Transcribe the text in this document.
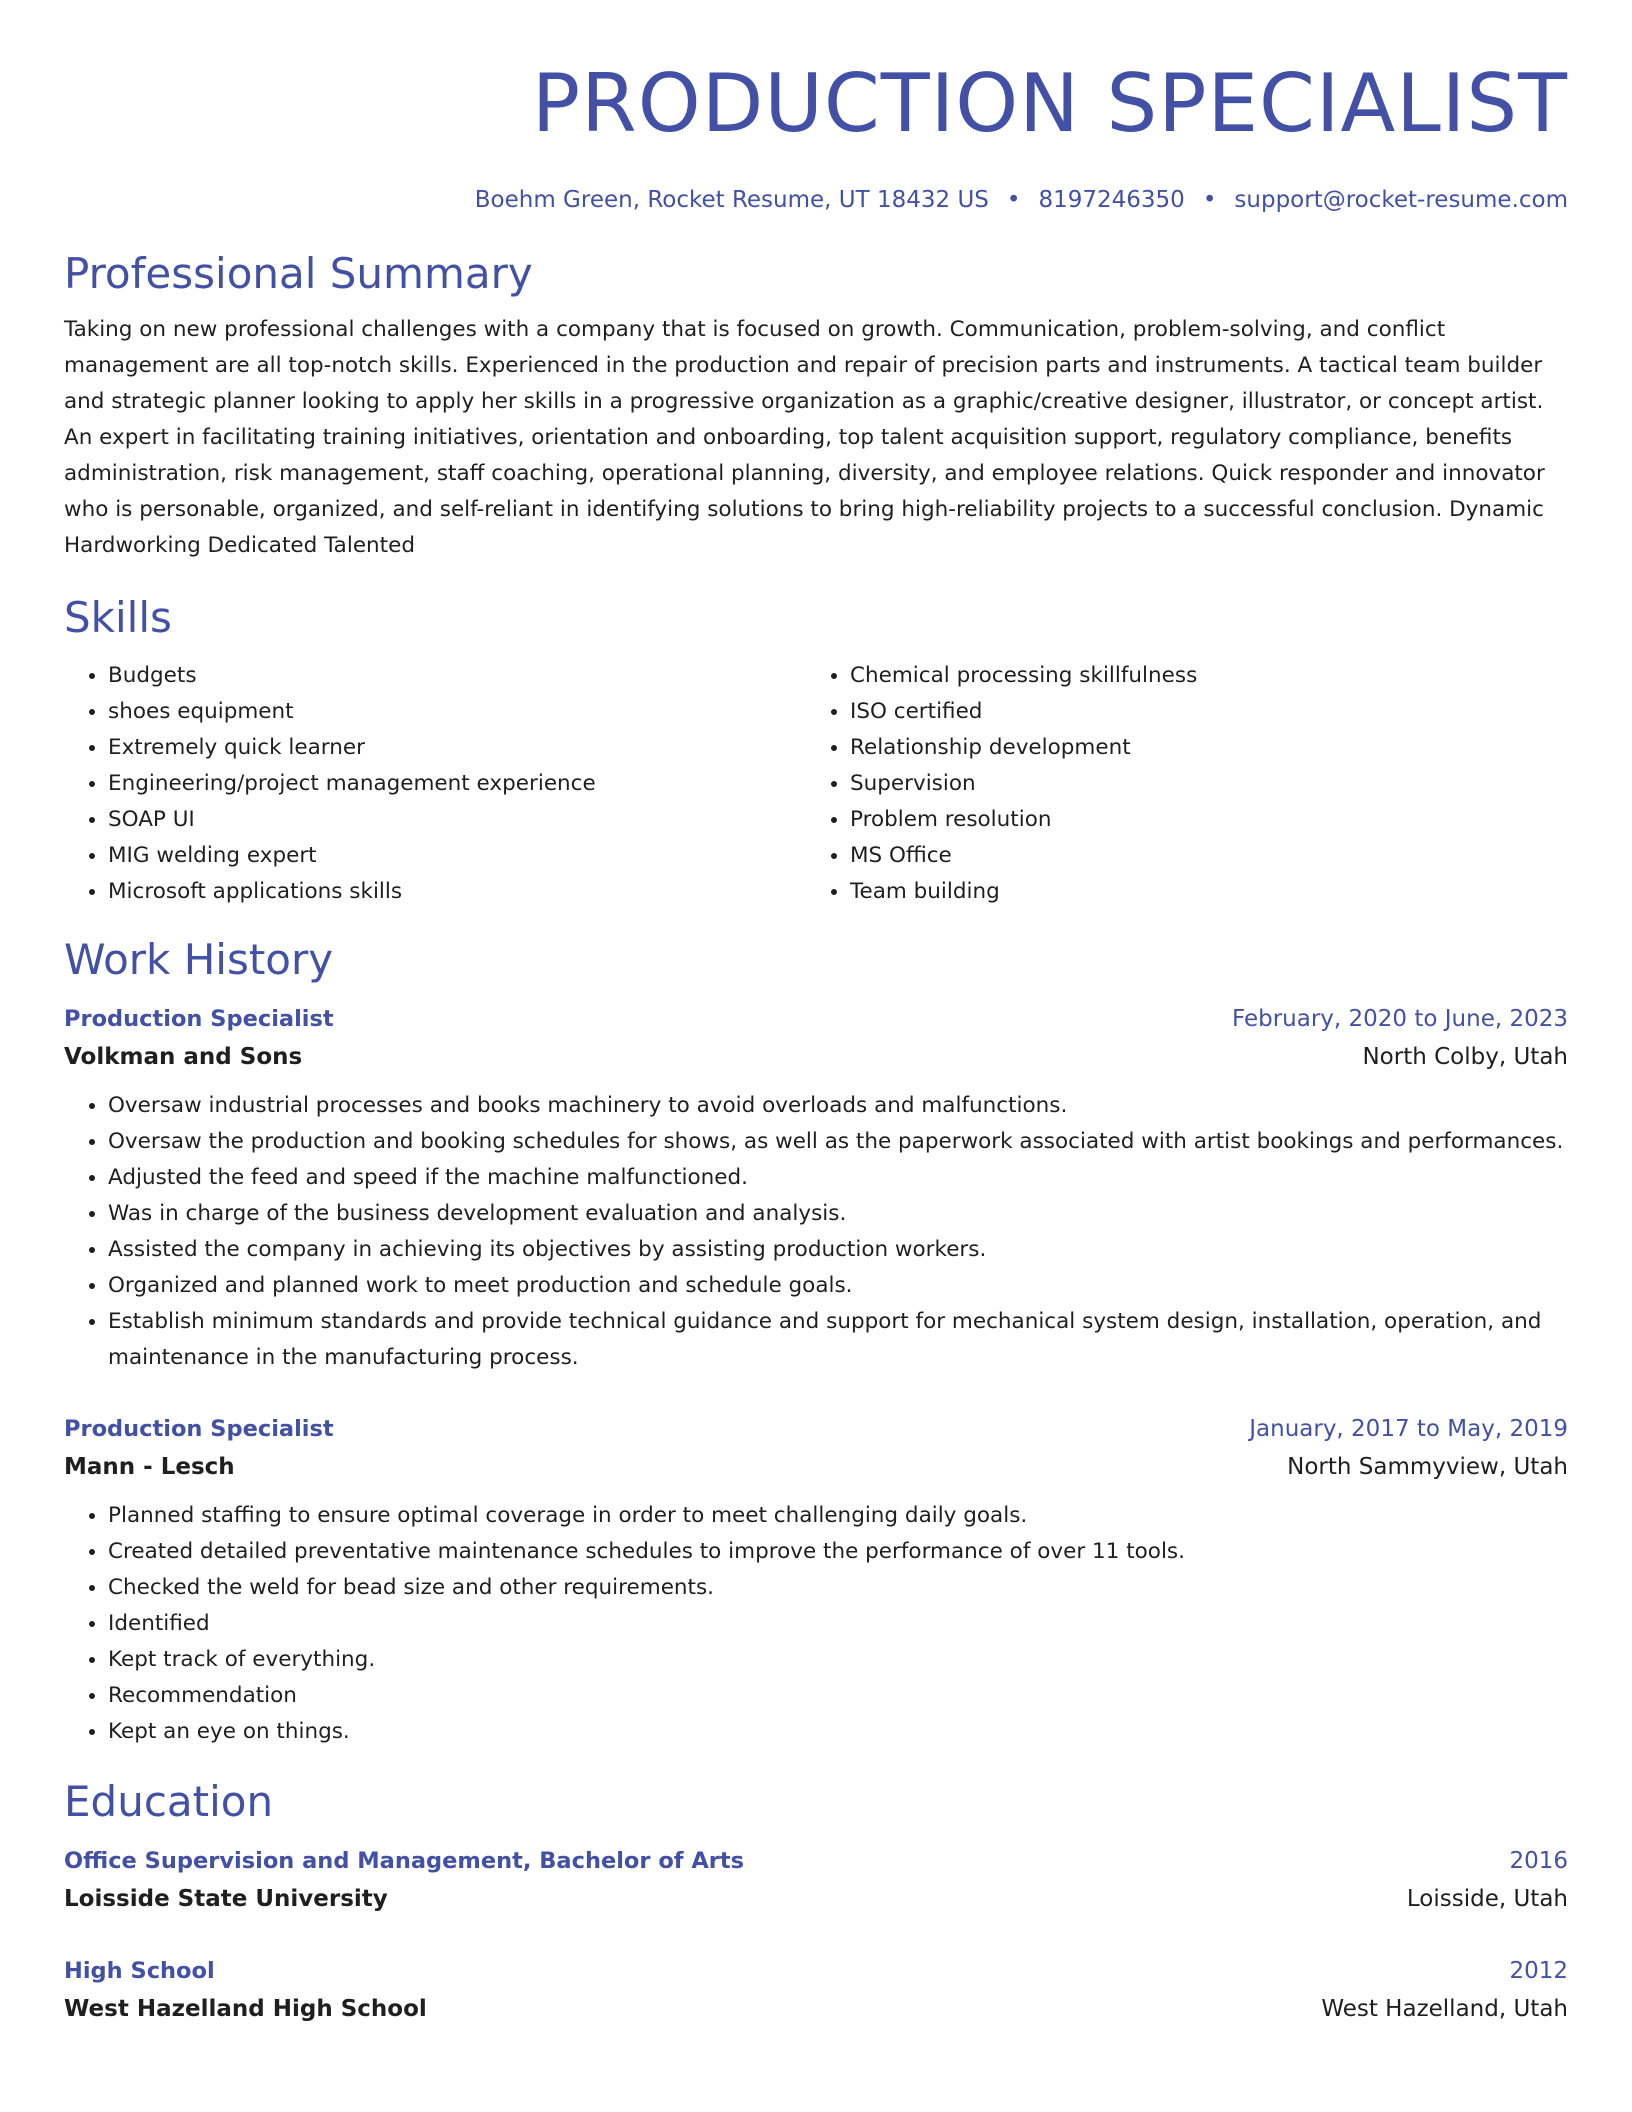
PRODUCTION SPECIALIST
Boehm Green, Rocket Resume, UT 18432 US • 8197246350 • support@rocket-resume.com
Professional Summary
Taking on new professional challenges with a company that is focused on growth. Communication, problem-solving, and conflict management are all top-notch skills. Experienced in the production and repair of precision parts and instruments. A tactical team builder and strategic planner looking to apply her skills in a progressive organization as a graphic/creative designer, illustrator, or concept artist. An expert in facilitating training initiatives, orientation and onboarding, top talent acquisition support, regulatory compliance, benefits administration, risk management, staff coaching, operational planning, diversity, and employee relations. Quick responder and innovator who is personable, organized, and self-reliant in identifying solutions to bring high-reliability projects to a successful conclusion. Dynamic Hardworking Dedicated Talented
Skills
• Budgets
• shoes equipment
• Extremely quick learner
• Engineering/project management experience
• SOAP UI
• MIG welding expert
• Microsoft applications skills
• Chemical processing skillfulness
• ISO certified
• Relationship development
• Supervision
• Problem resolution
• MS Office
• Team building
Work History
Production Specialist	February, 2020 to June, 2023
Volkman and Sons	North Colby, Utah
• Oversaw industrial processes and books machinery to avoid overloads and malfunctions.
• Oversaw the production and booking schedules for shows, as well as the paperwork associated with artist bookings and performances.
• Adjusted the feed and speed if the machine malfunctioned.
• Was in charge of the business development evaluation and analysis.
• Assisted the company in achieving its objectives by assisting production workers.
• Organized and planned work to meet production and schedule goals.
• Establish minimum standards and provide technical guidance and support for mechanical system design, installation, operation, and maintenance in the manufacturing process.
Production Specialist	January, 2017 to May, 2019
Mann - Lesch	North Sammyview, Utah
• Planned staffing to ensure optimal coverage in order to meet challenging daily goals.
• Created detailed preventative maintenance schedules to improve the performance of over 11 tools.
• Checked the weld for bead size and other requirements.
• Identified
• Kept track of everything.
• Recommendation
• Kept an eye on things.
Education
Office Supervision and Management, Bachelor of Arts	2016
Loisside State University	Loisside, Utah
High School	2012
West Hazelland High School	West Hazelland, Utah
